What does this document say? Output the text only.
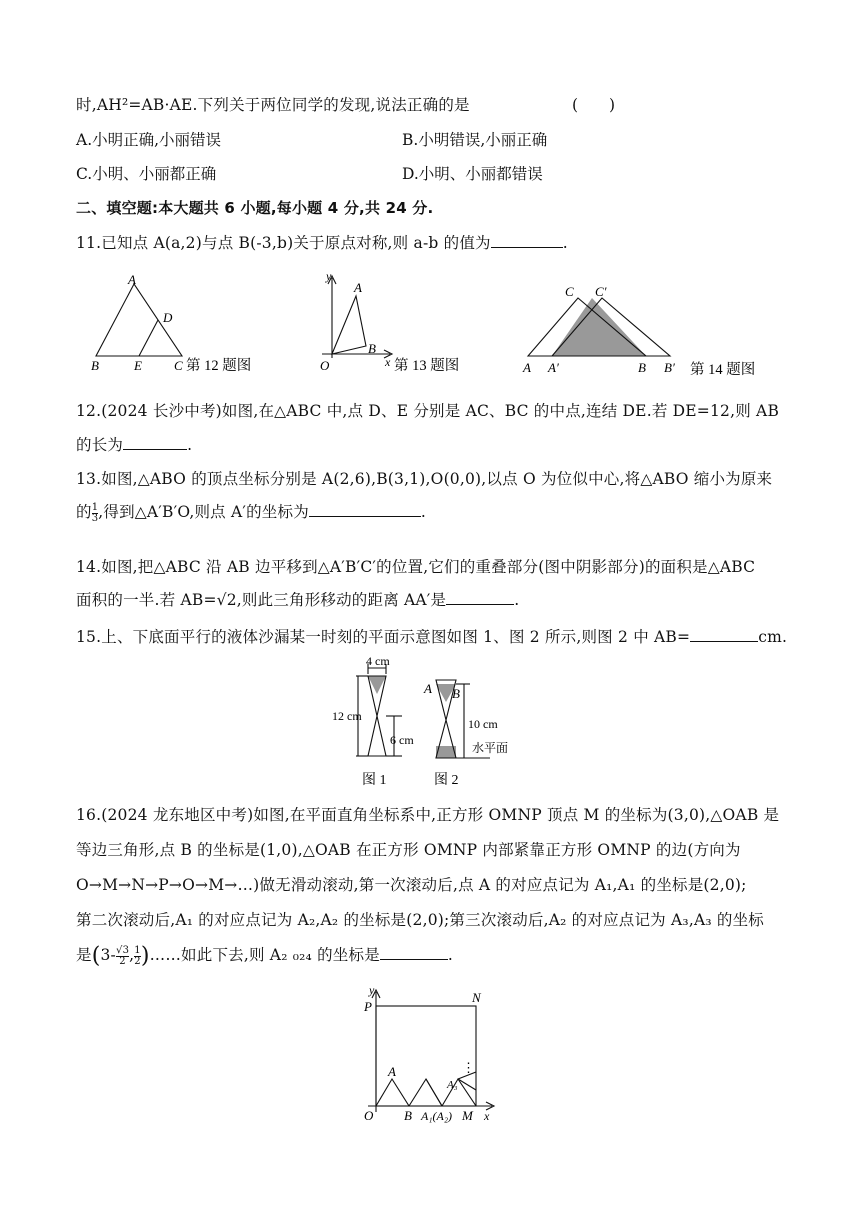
时,AH²=AB·AE.下列关于两位同学的发现,说法正确的是	(　　)
A.小明正确,小丽错误	B.小明错误,小丽正确
C.小明、小丽都正确	D.小明、小丽都错误
二、填空题:本大题共 6 小题,每小题 4 分,共 24 分.
11.已知点 A(a,2)与点 B(-3,b)关于原点对称,则 a-b 的值为	.
A
D
B	E C 第 12 题图
y
x
O
A
B
第 13 题图
C C′
A A′	B B′ 第 14 题图
12.(2024 长沙中考)如图,在△ABC 中,点 D、E 分别是 AC、BC 的中点,连结 DE.若 DE=12,则 AB
的长为	.
13.如图,△ABO 的顶点坐标分别是 A(2,6),B(3,1),O(0,0),以点 O 为位似中心,将△ABO 缩小为原来
的 $\frac{1}{3}$ ,得到△A′B′O,则点 A′的坐标为	.
14.如图,把△ABC 沿 AB 边平移到△A′B′C′的位置,它们的重叠部分(图中阴影部分)的面积是△ABC
面积的一半.若 AB=√2,则此三角形移动的距离 AA′是	.
15.上、下底面平行的液体沙漏某一时刻的平面示意图如图 1、图 2 所示,则图 2 中 AB=	cm.
4 cm
12 cm
6 cm
A B
10 cm
水平面
图 1	图 2
16.(2024 龙东地区中考)如图,在平面直角坐标系中,正方形 OMNP 顶点 M 的坐标为(3,0),△OAB 是
等边三角形,点 B 的坐标是(1,0),△OAB 在正方形 OMNP 内部紧靠正方形 OMNP 的边(方向为
O→M→N→P→O→M→…)做无滑动滚动,第一次滚动后,点 A 的对应点记为 A₁,A₁ 的坐标是(2,0);
第二次滚动后,A₁ 的对应点记为 A₂,A₂ 的坐标是(2,0);第三次滚动后,A₂ 的对应点记为 A₃,A₃ 的坐标
是($3- \frac{√3}{2}$ , $\frac{1}{2}$ )……如此下去,则 A₂ ₀₂₄ 的坐标是	.
y
P
N
A	⋮
A₃
O B A₁(A₂) M x
